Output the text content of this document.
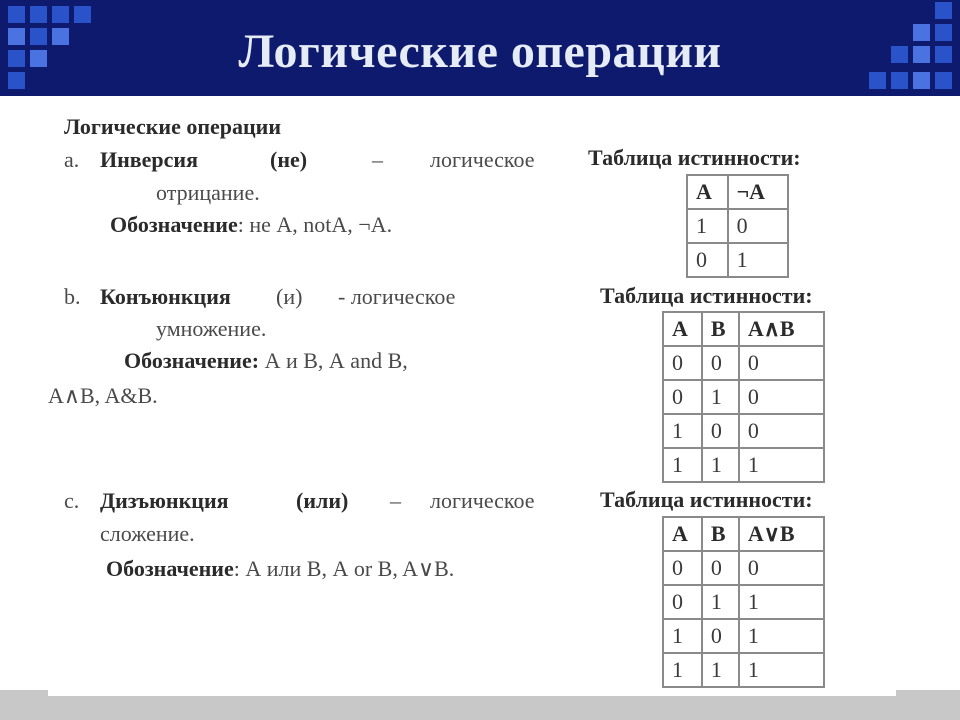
Логические операции
Логические операции
a. Инверсия	(не)	– логическое
отрицание.
Обозначение: не А, notA, ¬А.
Таблица истинности:
A	¬A
1	0
0	1
b. Конъюнкция (и) - логическое
умножение.
Обозначение: А и В, А and B,
A∧B, A&B.
Таблица истинности:
A	B	A∧B
0	0	0
0	1	0
1	0	0
1	1	1
c. Дизъюнкция	(или) – логическое
сложение.
Обозначение: А или В, А or B, A∨B.
Таблица истинности:
A	B	A∨B
0	0	0
0	1	1
1	0	1
1	1	1
